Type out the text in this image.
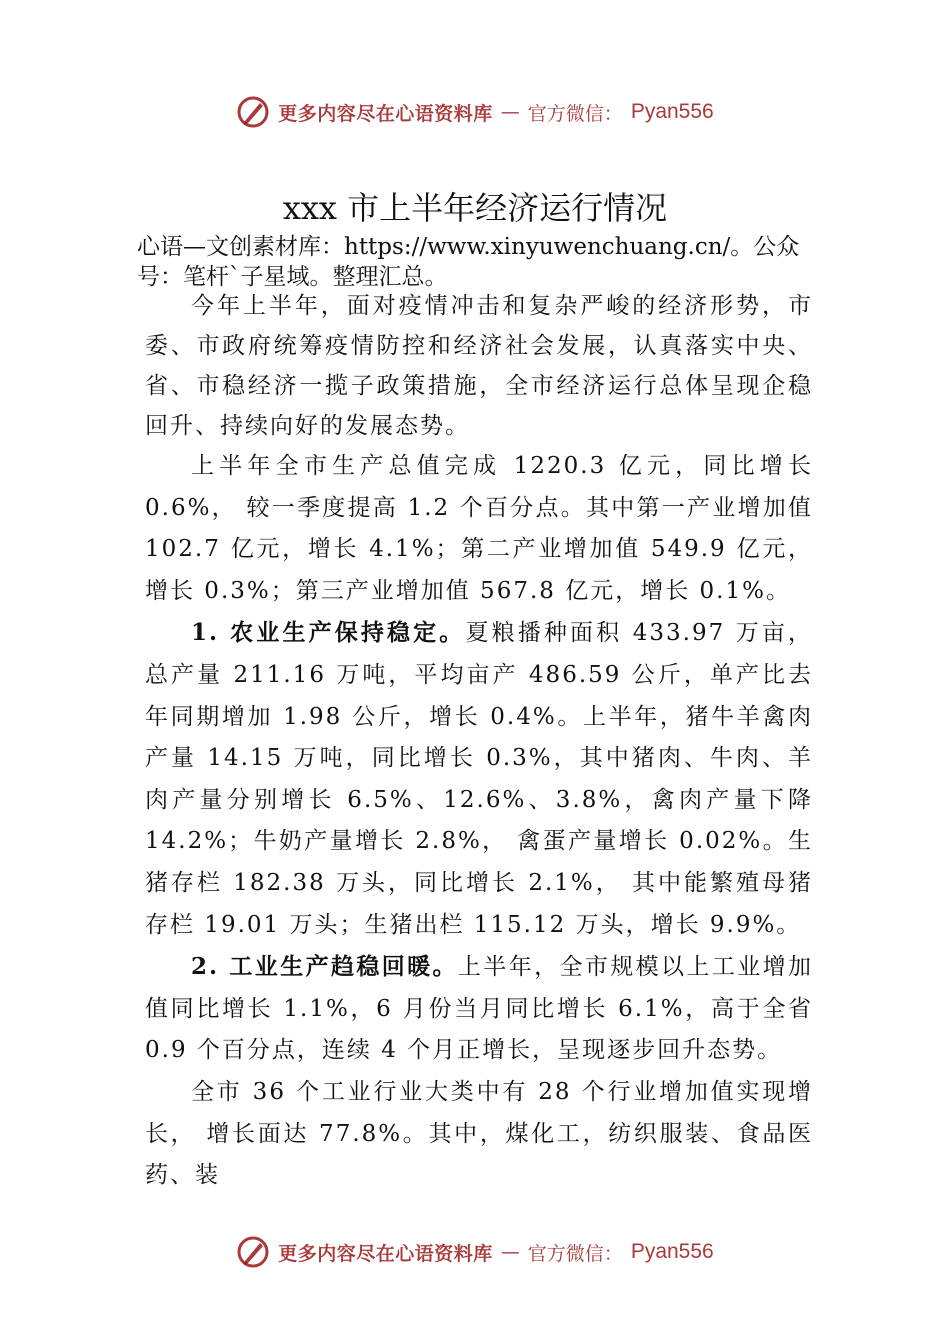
更多内容尽在心语资料库 — 官方微信： Pyan556
xxx 市上半年经济运行情况
心语—文创素材库：https://www.xinyuwenchuang.cn/。公众号：笔杆`子星域。整理汇总。

今年上半年，面对疫情冲击和复杂严峻的经济形势，市委、市政府统筹疫情防控和经济社会发展，认真落实中央、省、市稳经济一揽子政策措施，全市经济运行总体呈现企稳回升、持续向好的发展态势。

上半年全市生产总值完成 1220.3 亿元，同比增长 0.6%， 较一季度提高 1.2 个百分点。其中第一产业增加值 102.7 亿元，增长 4.1%；第二产业增加值 549.9 亿元，增长 0.3%；第三产业增加值 567.8 亿元，增长 0.1%。

1. 农业生产保持稳定。夏粮播种面积 433.97 万亩，总产量 211.16 万吨，平均亩产 486.59 公斤，单产比去年同期增加 1.98 公斤，增长 0.4%。上半年，猪牛羊禽肉产量 14.15 万吨，同比增长 0.3%，其中猪肉、牛肉、羊肉产量分别增长 6.5%、12.6%、3.8%，禽肉产量下降 14.2%；牛奶产量增长 2.8%， 禽蛋产量增长 0.02%。生猪存栏 182.38 万头，同比增长 2.1%， 其中能繁殖母猪存栏 19.01 万头；生猪出栏 115.12 万头，增长 9.9%。

2. 工业生产趋稳回暖。上半年，全市规模以上工业增加值同比增长 1.1%，6 月份当月同比增长 6.1%，高于全省 0.9 个百分点，连续 4 个月正增长，呈现逐步回升态势。

全市 36 个工业行业大类中有 28 个行业增加值实现增长， 增长面达 77.8%。其中，煤化工，纺织服装、食品医药、装

更多内容尽在心语资料库 — 官方微信： Pyan556
